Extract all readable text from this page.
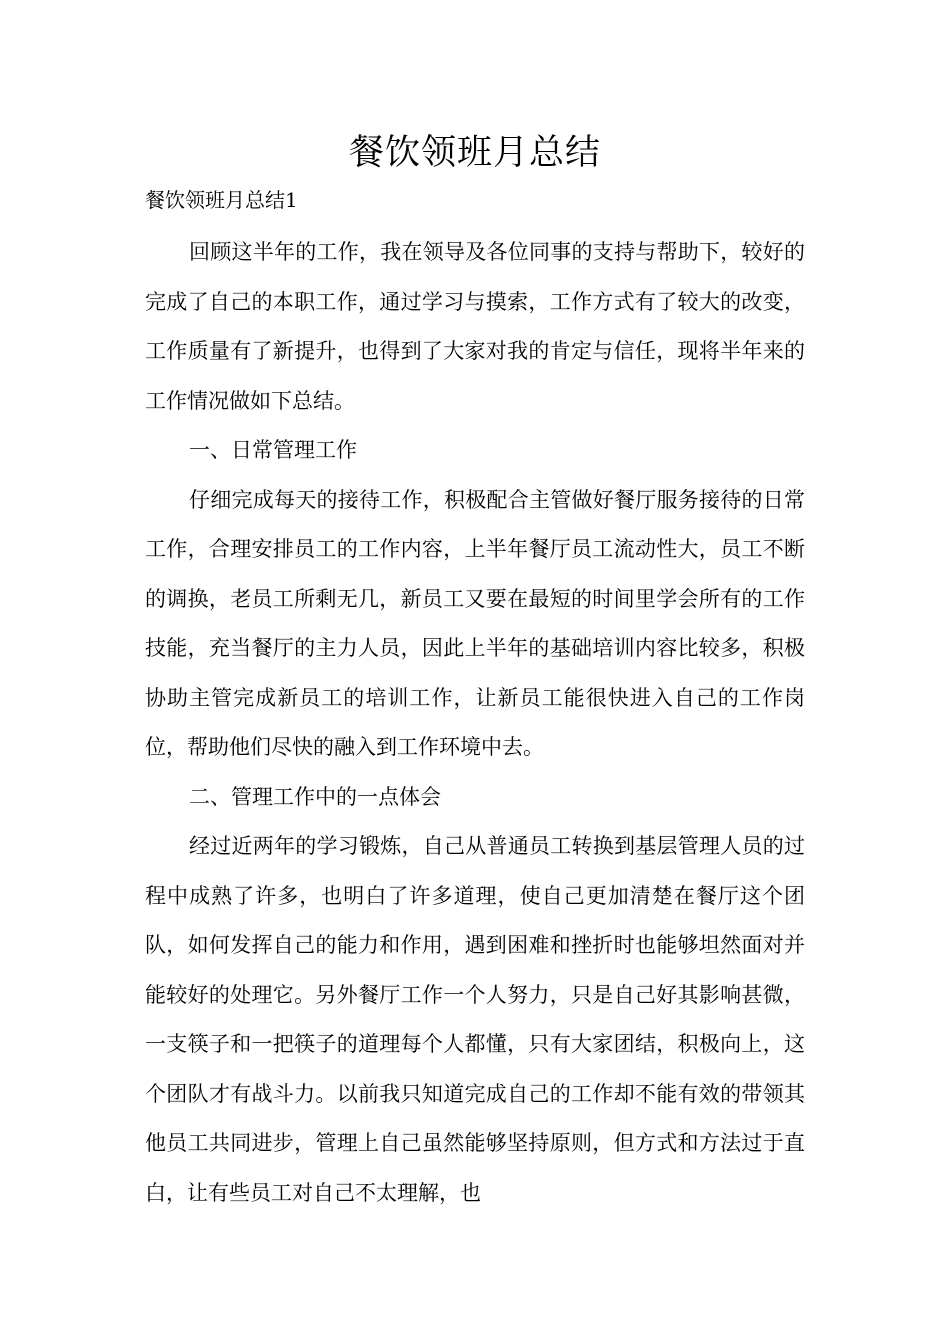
餐饮领班月总结

餐饮领班月总结1

回顾这半年的工作，我在领导及各位同事的支持与帮助下，较好的完成了自己的本职工作，通过学习与摸索，工作方式有了较大的改变，工作质量有了新提升，也得到了大家对我的肯定与信任，现将半年来的工作情况做如下总结。

一、日常管理工作

仔细完成每天的接待工作，积极配合主管做好餐厅服务接待的日常工作，合理安排员工的工作内容，上半年餐厅员工流动性大，员工不断的调换，老员工所剩无几，新员工又要在最短的时间里学会所有的工作技能，充当餐厅的主力人员，因此上半年的基础培训内容比较多，积极协助主管完成新员工的培训工作，让新员工能很快进入自己的工作岗位，帮助他们尽快的融入到工作环境中去。

二、管理工作中的一点体会

经过近两年的学习锻炼，自己从普通员工转换到基层管理人员的过程中成熟了许多，也明白了许多道理，使自己更加清楚在餐厅这个团队，如何发挥自己的能力和作用，遇到困难和挫折时也能够坦然面对并能较好的处理它。另外餐厅工作一个人努力，只是自己好其影响甚微，一支筷子和一把筷子的道理每个人都懂，只有大家团结，积极向上，这个团队才有战斗力。以前我只知道完成自己的工作却不能有效的带领其他员工共同进步，管理上自己虽然能够坚持原则，但方式和方法过于直白，让有些员工对自己不太理解，也
